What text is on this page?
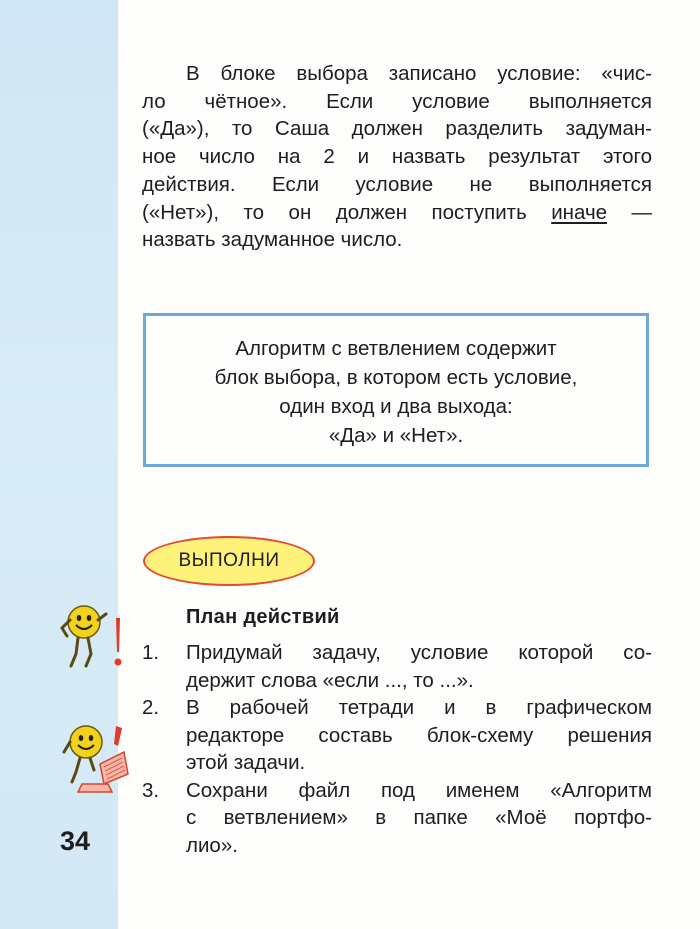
В блоке выбора записано условие: «чис-
ло чётное». Если условие выполняется
(«Да»), то Саша должен разделить задуман-
ное число на 2 и назвать результат этого
действия. Если условие не выполняется
(«Нет»), то он должен поступить иначе —
назвать задуманное число.
Алгоритм с ветвлением содержит
блок выбора, в котором есть условие,
один вход и два выхода:
«Да» и «Нет».
ВЫПОЛНИ
План действий
1. Придумай задачу, условие которой со-
держит слова «если ..., то ...».
2. В рабочей тетради и в графическом
редакторе составь блок-схему решения
этой задачи.
3. Сохрани файл под именем «Алгоритм
с ветвлением» в папке «Моё портфо-
лио».
34
